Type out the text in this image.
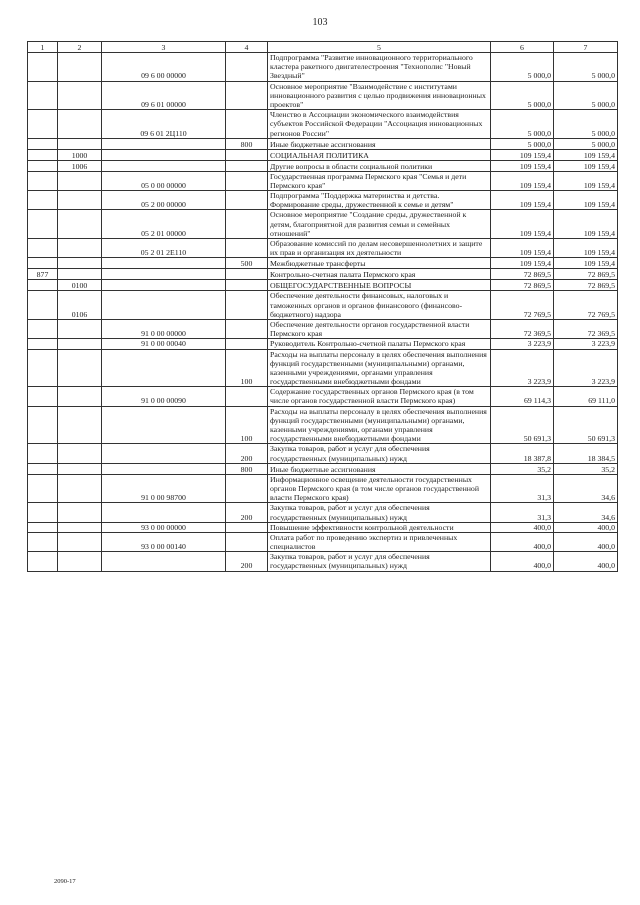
103
1	2	3	4	5	6	7
		09 6 00 00000		Подпрограмма "Развитие инновационного территориального кластера ракетного двигателестроения "Технополис "Новый Звездный"	5 000,0	5 000,0
		09 6 01 00000		Основное мероприятие "Взаимодействие с институтами инновационного развития с целью продвижения инновационных проектов"	5 000,0	5 000,0
		09 6 01 2Ц110		Членство в Ассоциации экономического взаимодействия субъектов Российской Федерации "Ассоциация инновационных регионов России"	5 000,0	5 000,0
			800	Иные бюджетные ассигнования	5 000,0	5 000,0
	1000			СОЦИАЛЬНАЯ ПОЛИТИКА	109 159,4	109 159,4
	1006			Другие вопросы в области социальной политики	109 159,4	109 159,4
		05 0 00 00000		Государственная программа Пермского края "Семья и дети Пермского края"	109 159,4	109 159,4
		05 2 00 00000		Подпрограмма "Поддержка материнства и детства. Формирование среды, дружественной к семье и детям"	109 159,4	109 159,4
		05 2 01 00000		Основное мероприятие "Создание среды, дружественной к детям, благоприятной для развития семьи и семейных отношений"	109 159,4	109 159,4
		05 2 01 2Е110		Образование комиссий по делам несовершеннолетних и защите их прав и организация их деятельности	109 159,4	109 159,4
			500	Межбюджетные трансферты	109 159,4	109 159,4
877				Контрольно-счетная палата Пермского края	72 869,5	72 869,5
	0100			ОБЩЕГОСУДАРСТВЕННЫЕ ВОПРОСЫ	72 869,5	72 869,5
	0106			Обеспечение деятельности финансовых, налоговых и таможенных органов и органов финансового (финансово-бюджетного) надзора	72 769,5	72 769,5
		91 0 00 00000		Обеспечение деятельности органов государственной власти Пермского края	72 369,5	72 369,5
		91 0 00 00040		Руководитель Контрольно-счетной палаты Пермского края	3 223,9	3 223,9
			100	Расходы на выплаты персоналу в целях обеспечения выполнения функций государственными (муниципальными) органами, казенными учреждениями, органами управления государственными внебюджетными фондами	3 223,9	3 223,9
		91 0 00 00090		Содержание государственных органов Пермского края (в том числе органов государственной власти Пермского края)	69 114,3	69 111,0
			100	Расходы на выплаты персоналу в целях обеспечения выполнения функций государственными (муниципальными) органами, казенными учреждениями, органами управления государственными внебюджетными фондами	50 691,3	50 691,3
			200	Закупка товаров, работ и услуг для обеспечения государственных (муниципальных) нужд	18 387,8	18 384,5
			800	Иные бюджетные ассигнования	35,2	35,2
		91 0 00 98700		Информационное освещение деятельности государственных органов Пермского края (в том числе органов государственной власти Пермского края)	31,3	34,6
			200	Закупка товаров, работ и услуг для обеспечения государственных (муниципальных) нужд	31,3	34,6
		93 0 00 00000		Повышение эффективности контрольной деятельности	400,0	400,0
		93 0 00 00140		Оплата работ по проведению экспертиз и привлеченных специалистов	400,0	400,0
			200	Закупка товаров, работ и услуг для обеспечения государственных (муниципальных) нужд	400,0	400,0
2090-17
